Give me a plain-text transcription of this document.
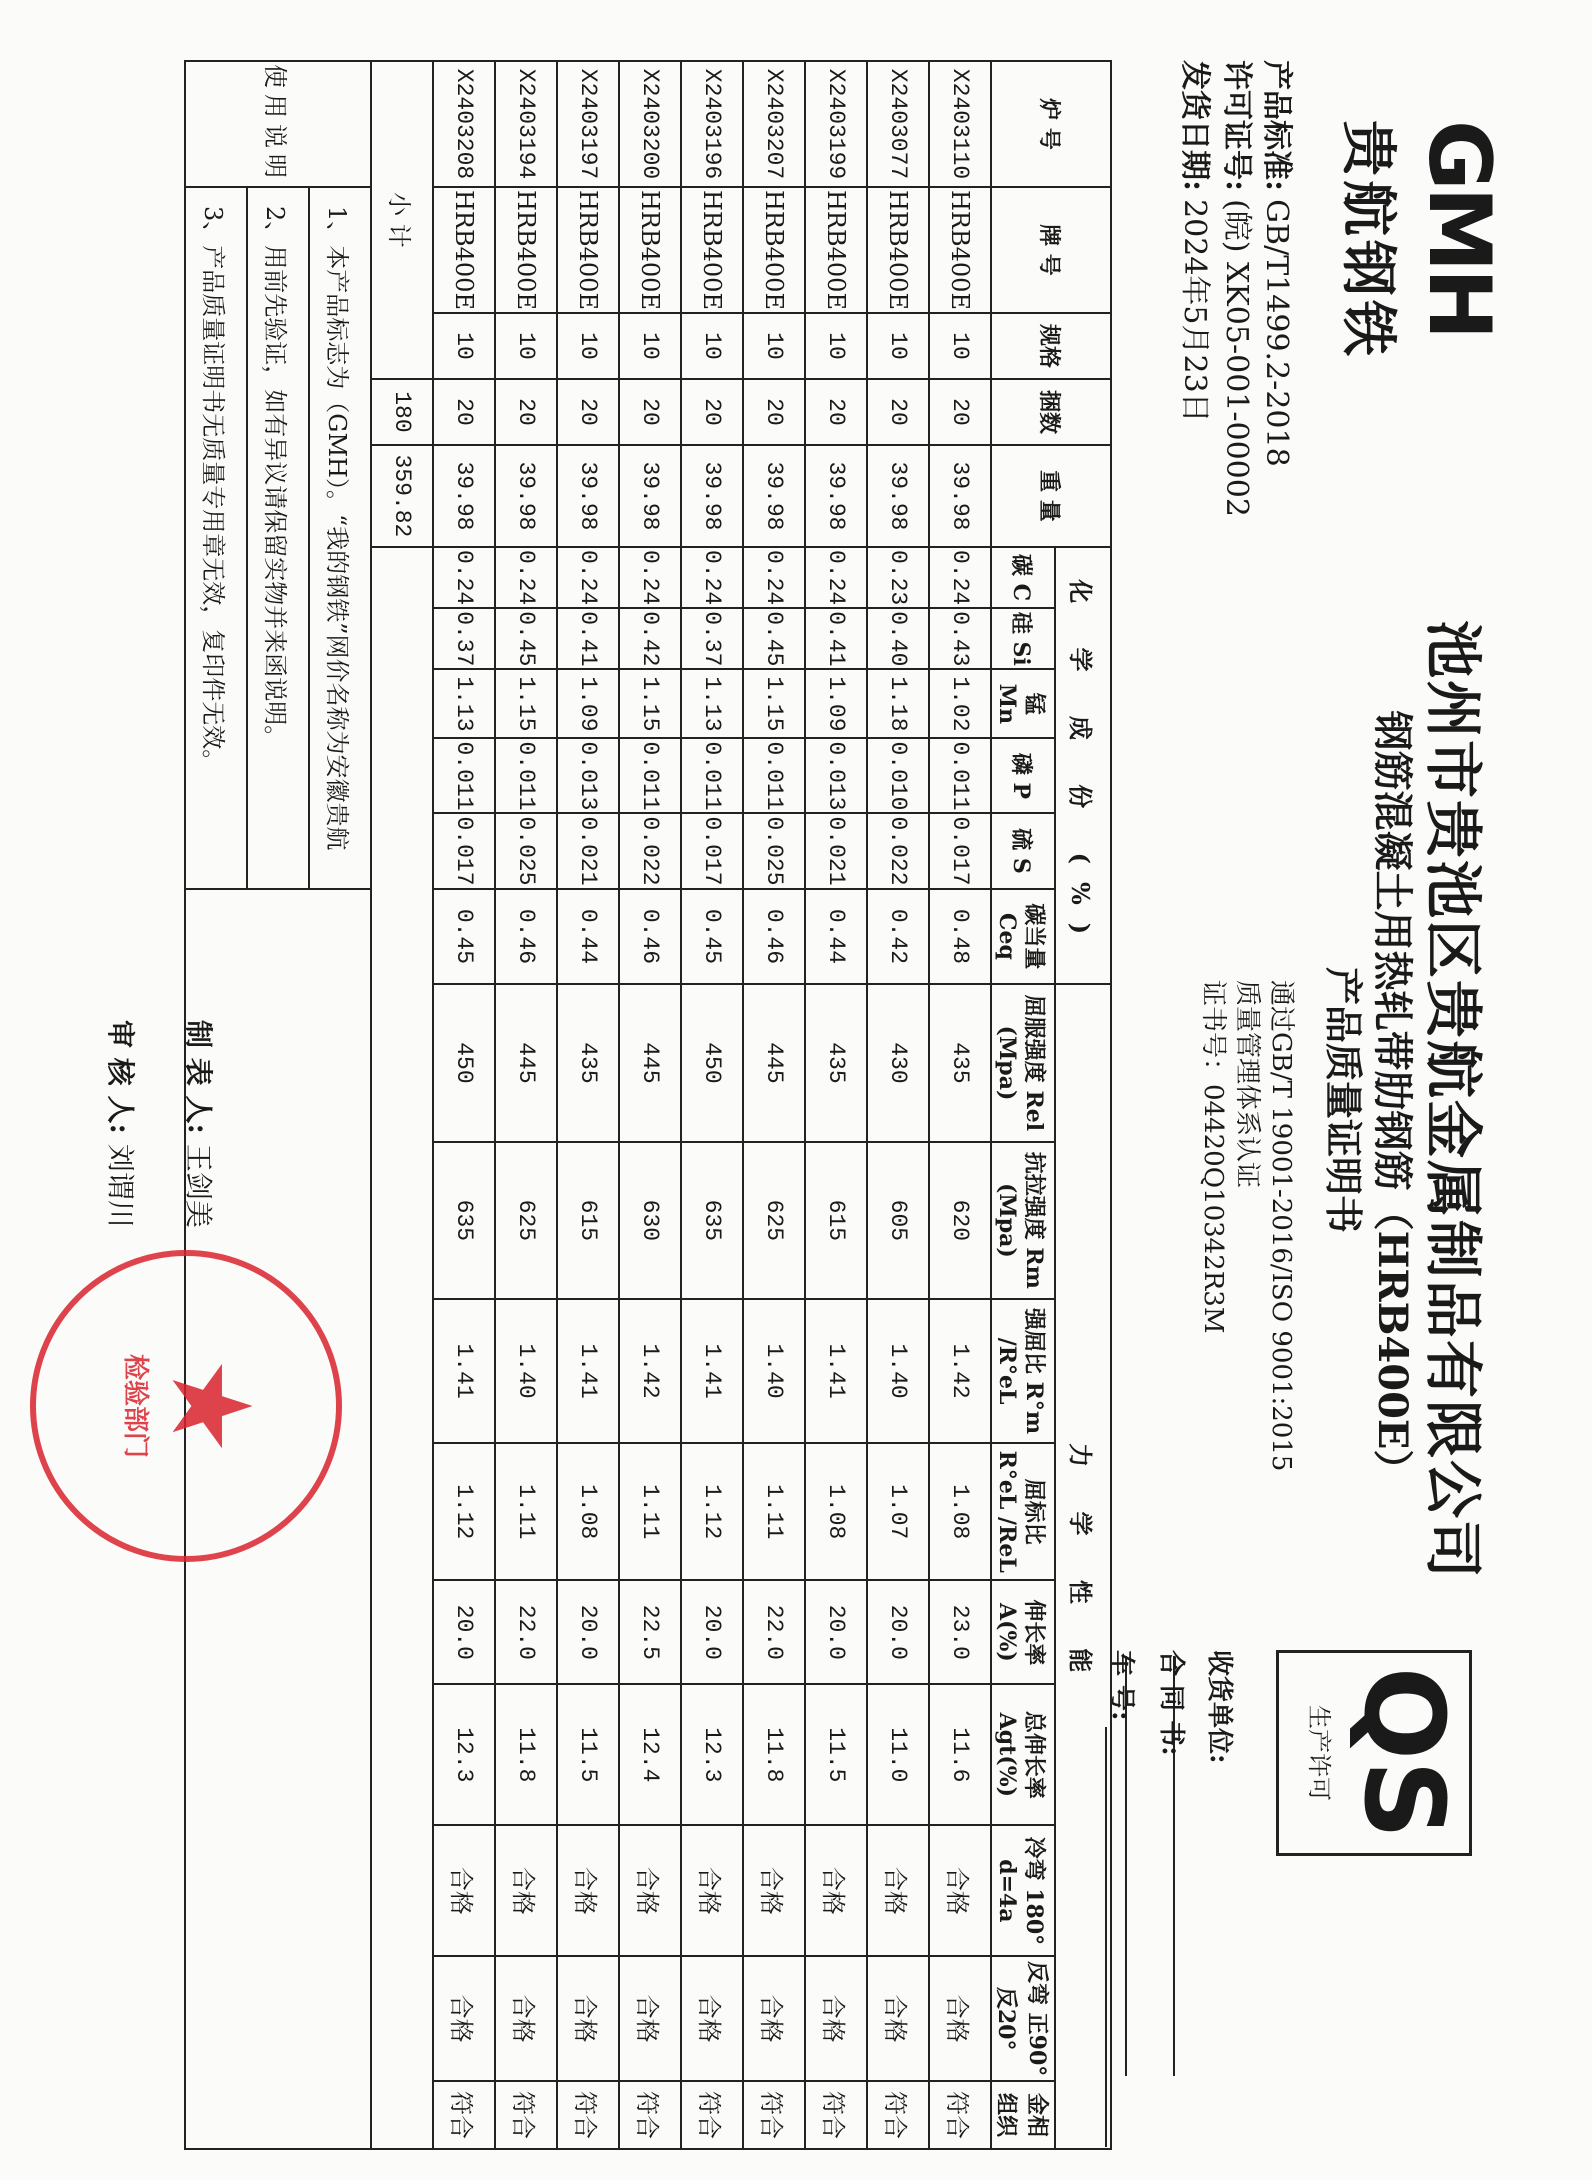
GMH
贵航钢铁
池州市贵池区贵航金属制品有限公司
钢筋混凝土用热轧带肋钢筋（HRB400E）
产品质量证明书
通过GB/T 19001-2016/ISO 9001:2015
质量管理体系认证
证书号：04420Q10342R3M
产品标准:GB/T1499.2-2018
许可证号:(皖) XK05-001-00002
发货日期:2024年5月23日
QS
生产许可
收货单位:
合 同 书:
车 号:
炉 号	牌 号	规格	捆数	重 量	化 学 成 份 (%)						力 学 性 能								
					碳 C	硅 Si	锰 Mn	磷 P	硫 S	碳当量 Ceq	屈服强度 Rel (Mpa)	抗拉强度 Rm (Mpa)	强屈比 R°m /R°eL	屈标比 R°eL /ReL	伸长率 A(%)	总伸长率 Agt(%)	冷弯 180° d=4a	反弯 正90° 反20°	金相 组织
X2403110	HRB400E	10	20	39.98	0.24	0.43	1.02	0.011	0.017	0.48	435	620	1.42	1.08	23.0	11.6	合格	合格	符合
X2403077	HRB400E	10	20	39.98	0.23	0.40	1.18	0.010	0.022	0.42	430	605	1.40	1.07	20.0	11.0	合格	合格	符合
X2403199	HRB400E	10	20	39.98	0.24	0.41	1.09	0.013	0.021	0.44	435	615	1.41	1.08	20.0	11.5	合格	合格	符合
X2403207	HRB400E	10	20	39.98	0.24	0.45	1.15	0.011	0.025	0.46	445	625	1.40	1.11	22.0	11.8	合格	合格	符合
X2403196	HRB400E	10	20	39.98	0.24	0.37	1.13	0.011	0.017	0.45	450	635	1.41	1.12	20.0	12.3	合格	合格	符合
X2403200	HRB400E	10	20	39.98	0.24	0.42	1.15	0.011	0.022	0.46	445	630	1.42	1.11	22.5	12.4	合格	合格	符合
X2403197	HRB400E	10	20	39.98	0.24	0.41	1.09	0.013	0.021	0.44	435	615	1.41	1.08	20.0	11.5	合格	合格	符合
X2403194	HRB400E	10	20	39.98	0.24	0.45	1.15	0.011	0.025	0.46	445	625	1.40	1.11	22.0	11.8	合格	合格	符合
X2403208	HRB400E	10	20	39.98	0.24	0.37	1.13	0.011	0.017	0.45	450	635	1.41	1.12	20.0	12.3	合格	合格	符合
小 计			180	359.82															
使用说明	1、本产品标志为（GMH）。“我的钢铁”网价名称为安徽贵航																		
	2、用前先验证，如有异议请保留实物并来函说明。																		
	3、产品质量证明书无质量专用章无效，复印件无效。																		
制 表 人:王剑美
审 核 人:刘谓川
★
检验部门
